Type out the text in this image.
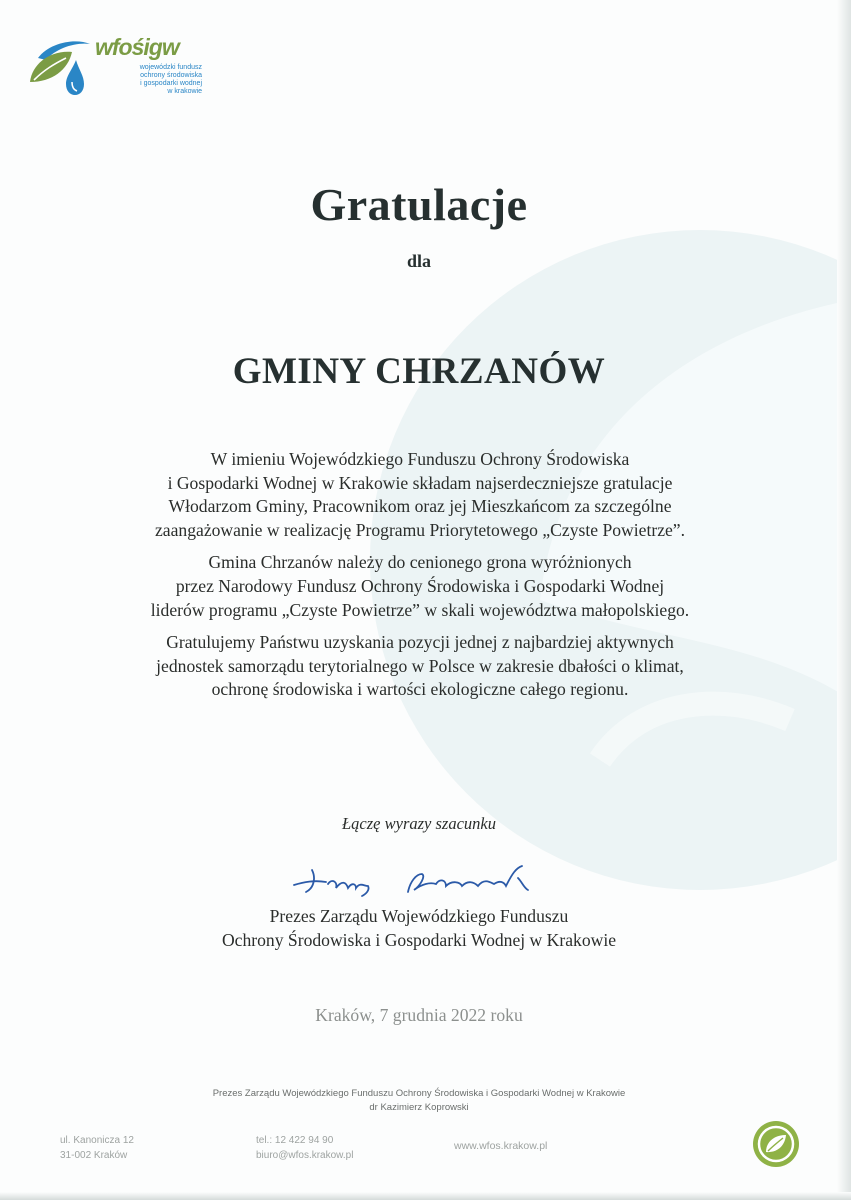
wfośigw
wojewódzki fundusz
ochrony środowiska
i gospodarki wodnej
w krakowie
Gratulacje
dla
GMINY CHRZANÓW

W imieniu Wojewódzkiego Funduszu Ochrony Środowiska
i Gospodarki Wodnej w Krakowie składam najserdeczniejsze gratulacje
Włodarzom Gminy, Pracownikom oraz jej Mieszkańcom za szczególne
zaangażowanie w realizację Programu Priorytetowego „Czyste Powietrze”.

Gmina Chrzanów należy do cenionego grona wyróżnionych
przez Narodowy Fundusz Ochrony Środowiska i Gospodarki Wodnej
liderów programu „Czyste Powietrze” w skali województwa małopolskiego.

Gratulujemy Państwu uzyskania pozycji jednej z najbardziej aktywnych
jednostek samorządu terytorialnego w Polsce w zakresie dbałości o klimat,
ochronę środowiska i wartości ekologiczne całego regionu.

Łączę wyrazy szacunku
Prezes Zarządu Wojewódzkiego Funduszu
Ochrony Środowiska i Gospodarki Wodnej w Krakowie
Kraków, 7 grudnia 2022 roku
Prezes Zarządu Wojewódzkiego Funduszu Ochrony Środowiska i Gospodarki Wodnej w Krakowie
dr Kazimierz Koprowski
ul. Kanonicza 12
31-002 Kraków
tel.: 12 422 94 90
biuro@wfos.krakow.pl
www.wfos.krakow.pl
